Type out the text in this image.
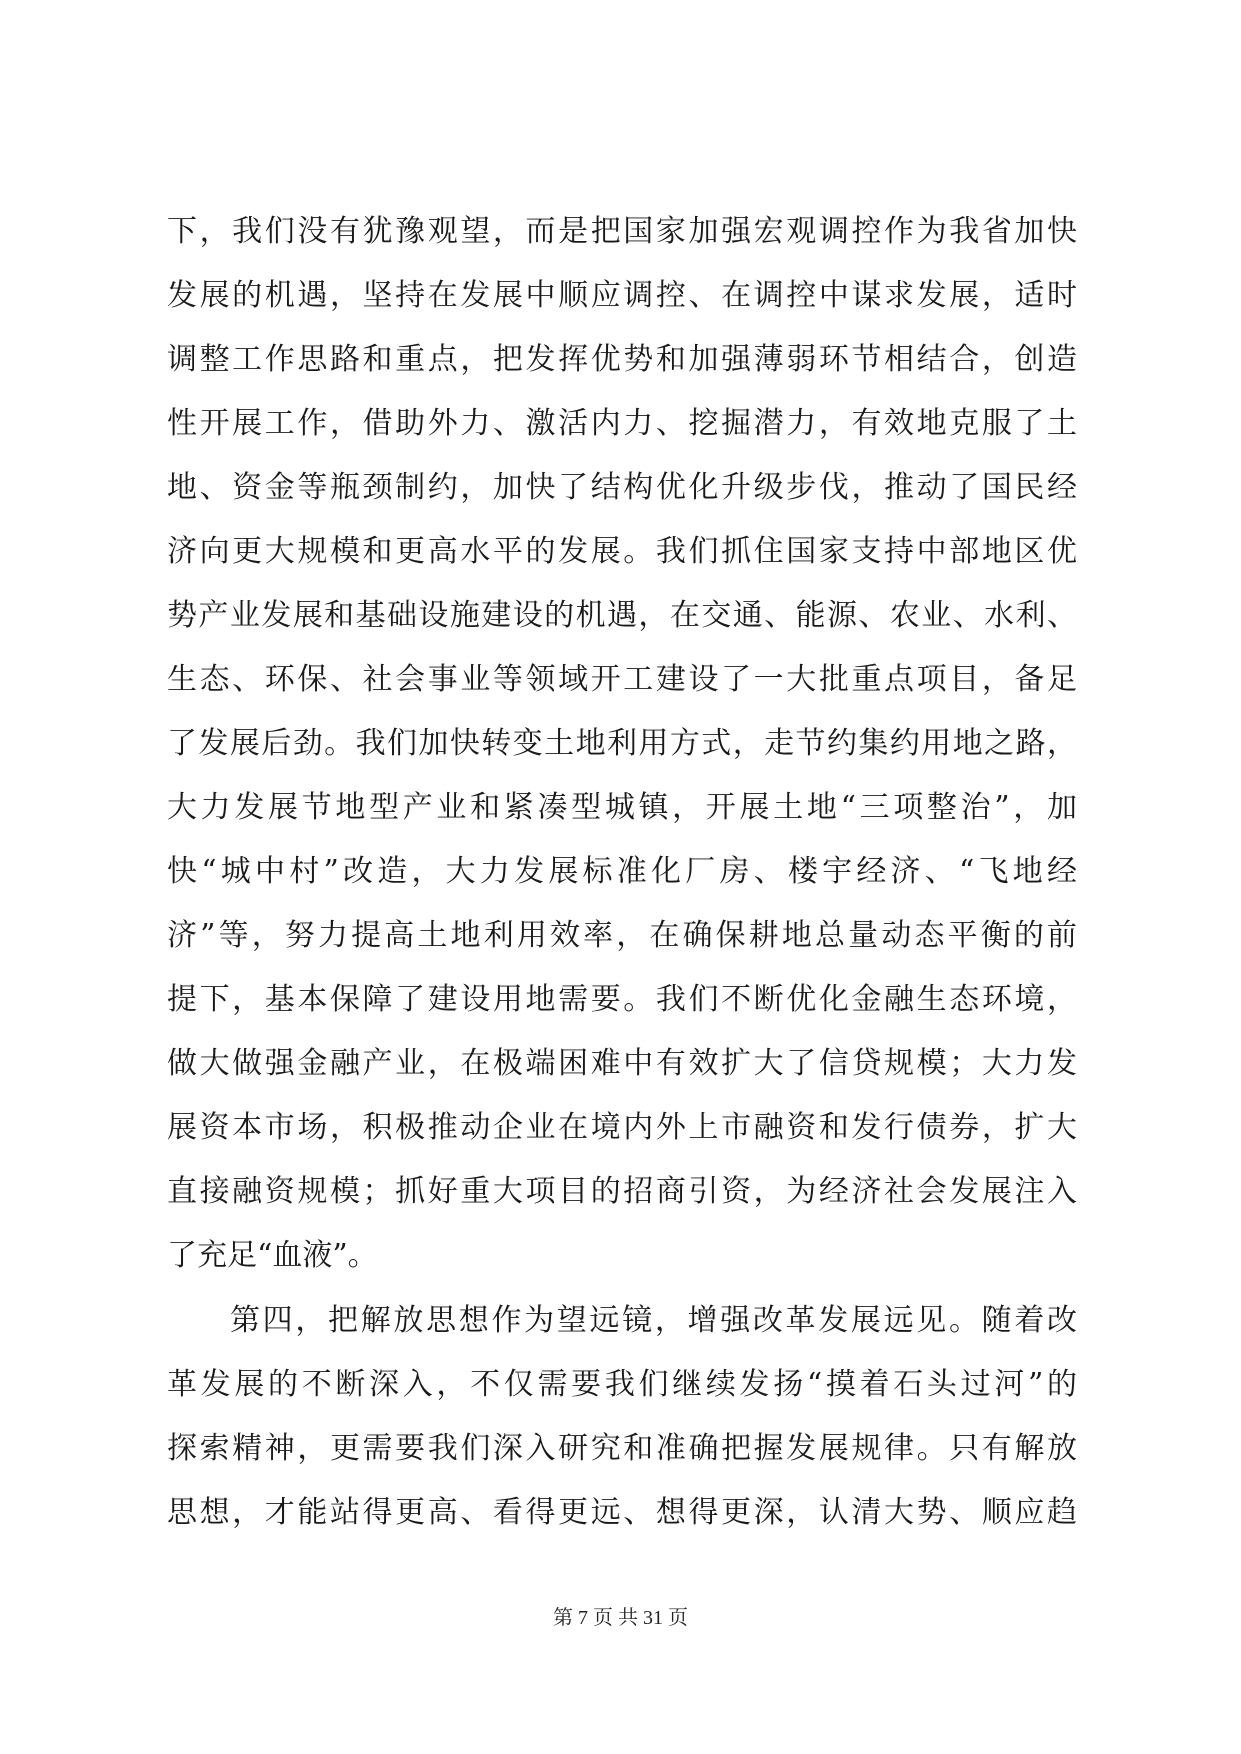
下，我们没有犹豫观望，而是把国家加强宏观调控作为我省加快
发展的机遇，坚持在发展中顺应调控、在调控中谋求发展，适时
调整工作思路和重点，把发挥优势和加强薄弱环节相结合，创造
性开展工作，借助外力、激活内力、挖掘潜力，有效地克服了土
地、资金等瓶颈制约，加快了结构优化升级步伐，推动了国民经
济向更大规模和更高水平的发展。我们抓住国家支持中部地区优
势产业发展和基础设施建设的机遇，在交通、能源、农业、水利、
生态、环保、社会事业等领域开工建设了一大批重点项目，备足
了发展后劲。我们加快转变土地利用方式，走节约集约用地之路，
大力发展节地型产业和紧凑型城镇，开展土地“三项整治”，加
快“城中村”改造，大力发展标准化厂房、楼宇经济、“飞地经
济”等，努力提高土地利用效率，在确保耕地总量动态平衡的前
提下，基本保障了建设用地需要。我们不断优化金融生态环境，
做大做强金融产业，在极端困难中有效扩大了信贷规模；大力发
展资本市场，积极推动企业在境内外上市融资和发行债券，扩大
直接融资规模；抓好重大项目的招商引资，为经济社会发展注入
了充足“血液”。
第四，把解放思想作为望远镜，增强改革发展远见。随着改
革发展的不断深入，不仅需要我们继续发扬“摸着石头过河”的
探索精神，更需要我们深入研究和准确把握发展规律。只有解放
思想，才能站得更高、看得更远、想得更深，认清大势、顺应趋
第 7 页 共 31 页
